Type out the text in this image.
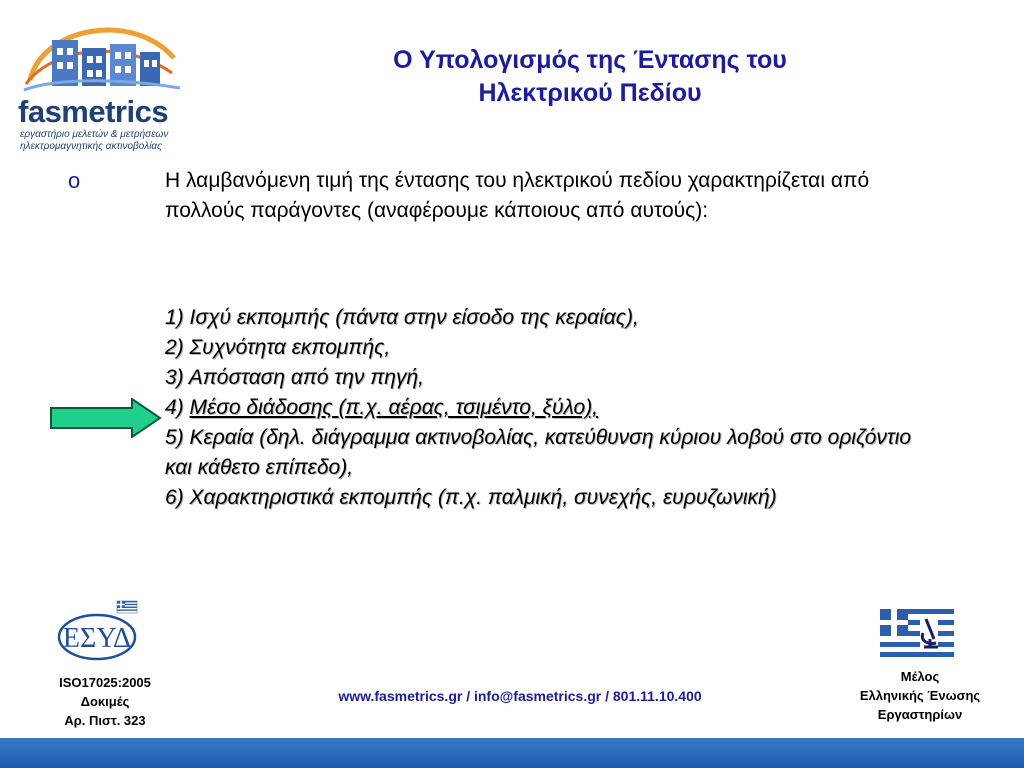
fasmetrics
εργαστήριο μελετών & μετρήσεων
ηλεκτρομαγνητικής ακτινοβολίας
Ο Υπολογισμός της Έντασης του
Ηλεκτρικού Πεδίου
o	Η λαμβανόμενη τιμή της έντασης του ηλεκτρικού πεδίου χαρακτηρίζεται από πολλούς παράγοντες (αναφέρουμε κάποιους από αυτούς):
1) Ισχύ εκπομπής (πάντα στην είσοδο της κεραίας),
2) Συχνότητα εκπομπής,
3) Απόσταση από την πηγή,
4) Μέσο διάδοσης (π.χ. αέρας, τσιμέντο, ξύλο),
5) Κεραία (δηλ. διάγραμμα ακτινοβολίας, κατεύθυνση κύριου λοβού στο οριζόντιο και κάθετο επίπεδο),
6) Χαρακτηριστικά εκπομπής (π.χ. παλμική, συνεχής, ευρυζωνική)
ΕΣΥΔ
ISO17025:2005
Δοκιμές
Αρ. Πιστ. 323
www.fasmetrics.gr / info@fasmetrics.gr / 801.11.10.400
Μέλος
Ελληνικής Ένωσης
Εργαστηρίων
